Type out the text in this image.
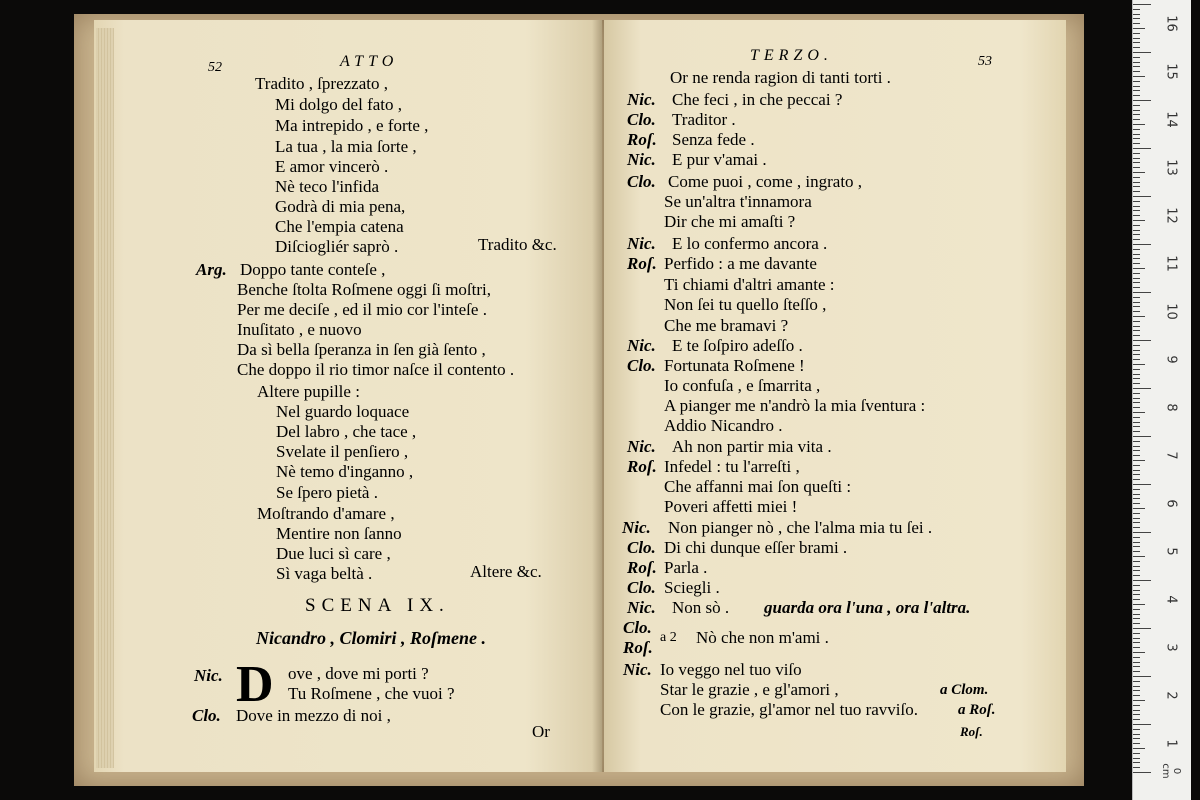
52	ATTO
Tradito , ſprezzato ,
Mi dolgo del fato ,
Ma intrepido , e forte ,
La tua , la mia ſorte ,
E amor vincerò .
Nè teco l'infida
Godrà di mia pena,
Che l'empia catena
Diſciogliér saprò .	Tradito &c.
Arg. Doppo tante conteſe ,
Benche ſtolta Roſmene oggi ſi moſtri,
Per me deciſe , ed il mio cor l'inteſe .
Inuſitato , e nuovo
Da sì bella ſperanza in ſen già ſento ,
Che doppo il rio timor naſce il contento .
Altere pupille :
Nel guardo loquace
Del labro , che tace ,
Svelate il penſiero ,
Nè temo d'inganno ,
Se ſpero pietà .
Moſtrando d'amare ,
Mentire non ſanno
Due luci sì care ,
Sì vaga beltà .	Altere &c.
SCENA IX.
Nicandro , Clomiri , Roſmene .
Nic. D ove , dove mi porti ?
Tu Roſmene , che vuoi ?
Clo. Dove in mezzo di noi ,
Or
TERZO.	53
Or ne renda ragion di tanti torti .
Nic. Che feci , in che peccai ?
Clo. Traditor .
Roſ. Senza fede .
Nic. E pur v'amai .
Clo. Come puoi , come , ingrato ,
Se un'altra t'innamora
Dir che mi amaſti ?
Nic. E lo confermo ancora .
Roſ. Perfido : a me davante
Ti chiami d'altri amante :
Non ſei tu quello ſteſſo ,
Che me bramavi ?
Nic. E te ſoſpiro adeſſo .
Clo. Fortunata Roſmene !
Io confuſa , e ſmarrita ,
A pianger me n'andrò la mia ſventura :
Addio Nicandro .
Nic. Ah non partir mia vita .
Roſ. Infedel : tu l'arreſti ,
Che affanni mai ſon queſti :
Poveri affetti miei !
Nic. Non pianger nò , che l'alma mia tu ſei .
Clo. Di chi dunque eſſer brami .
Roſ. Parla .
Clo. Sciegli .
Nic. Non sò . guarda ora l'una , ora l'altra.
Clo.
Roſ.
a 2 Nò che non m'ami .
Nic. Io veggo nel tuo viſo
Star le grazie , e gl'amori ,	a Clom.
Con le grazie, gl'amor nel tuo ravviſo.	a Roſ.
Roſ.
16
15
14
13
12
11
10
9
8
7
6
5
4
3
2
1
0 cm
